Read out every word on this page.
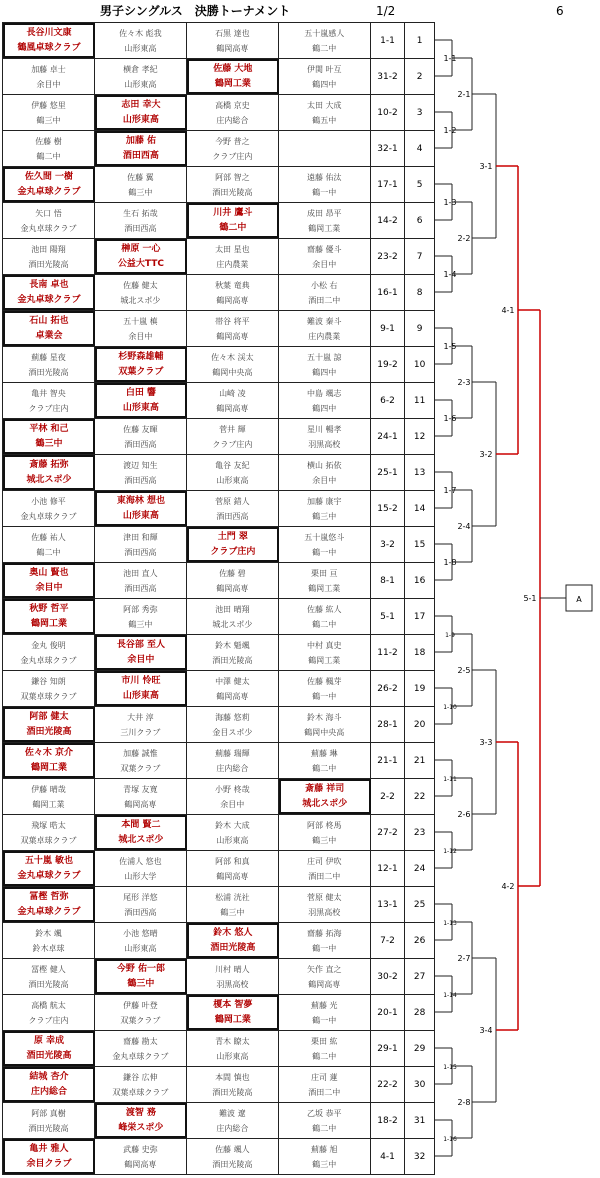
男子シングルス　決勝トーナメント	1/2	6
長谷川文康
鶴風卓球クラブ
佐々木 彪我
山形東高
石黒 達也
鶴岡高専
五十嵐感人
鶴二中
1-1	1
加藤 卓士
余目中
横倉 孝紀
山形東高
佐藤 大地
鶴岡工業
伊関 叶互
鶴四中
31-2	2
伊藤 悠里
鶴三中
志田 幸大
山形東高
高橋 京史
庄内総合
太田 大成
鶴五中
10-2	3
佐藤 樹
鶴二中
加藤 佑
酒田西高
今野 普之
クラブ庄内
32-1	4
佐久間 一樹
金丸卓球クラブ
佐藤 翼
鶴三中
阿部 智之
酒田光陵高
遠藤 佑汰
鶴一中
17-1	5
矢口 悟
金丸卓球クラブ
生石 拓哉
酒田西高
川井 鷹斗
鶴二中
成田 昂平
鶴岡工業
14-2	6
池田 陽翔
酒田光陵高
榊原 一心
公益大TTC
太田 星也
庄内農業
齋藤 優斗
余目中
23-2	7
長南 卓也
金丸卓球クラブ
佐藤 健太
城北スポ少
秋葉 竜典
鶴岡高専
小松 右
酒田二中
16-1	8
石山 拓也
卓業会
五十嵐 槙
余目中
帯谷 将平
鶴岡高専
難波 秦斗
庄内農業
9-1	9
薊藤 星夜
酒田光陵高
杉野森雄輔
双葉クラブ
佐々木 渓太
鶴岡中央高
五十嵐 諒
鶴四中
19-2	10
亀井 智央
クラブ庄内
白田 響
山形東高
山崎 凌
鶴岡高専
中島 颯志
鶴四中
6-2	11
平林 和己
鶴三中
佐藤 友暉
酒田西高
菅井 輝
クラブ庄内
星川 暢孝
羽黒高校
24-1	12
斎藤 拓弥
城北スポ少
渡辺 知生
酒田西高
亀谷 友紀
山形東高
横山 拓依
余目中
25-1	13
小池 修平
金丸卓球クラブ
東海林 想也
山形東高
菅原 錯人
酒田西高
加藤 康宇
鶴三中
15-2	14
佐藤 祐人
鶴二中
津田 和輝
酒田西高
土門 翠
クラブ庄内
五十嵐悠斗
鶴一中
3-2	15
奥山 賢也
余目中
池田 直人
酒田西高
佐藤 碧
鶴岡高専
栗田 亘
鶴岡工業
8-1	16
秋野 哲平
鶴岡工業
阿部 秀弥
鶴三中
池田 晴翔
城北スポ少
佐藤 紘人
鶴二中
5-1	17
金丸 俊明
金丸卓球クラブ
長谷部 至人
余目中
鈴木 魁颯
酒田光陵高
中村 真史
鶴岡工業
11-2	18
鎌谷 知朗
双葉卓球クラブ
市川 怜旺
山形東高
中澤 健太
鶴岡高専
佐藤 楓芽
鶴一中
26-2	19
阿部 健太
酒田光陵高
大井 淳
三川クラブ
海藤 悠莉
金目スポ少
鈴木 海斗
鶴岡中央高
28-1	20
佐々木 京介
鶴岡工業
加藤 誠惟
双葉クラブ
薊藤 瑞輝
庄内総合
薊藤 琳
鶴二中
21-1	21
伊藤 晴哉
鶴岡工業
青塚 友寛
鶴岡高専
小野 柊哉
余目中
斎藤 祥司
城北スポ少
2-2	22
飛塚 晧太
双葉卓球クラブ
本間 賢二
城北スポ少
鈴木 大成
山形東高
阿部 柊馬
鶴三中
27-2	23
五十嵐 敏也
金丸卓球クラブ
佐浦人 悠也
山形大学
阿部 和真
鶴岡高専
庄司 伊吹
酒田二中
12-1	24
冨樫 哲弥
金丸卓球クラブ
尾形 洋悠
酒田西高
松浦 洸社
鶴三中
菅原 健太
羽黒高校
13-1	25
鈴木 颯
鈴木卓球
小池 悠晴
山形東高
鈴木 悠人
酒田光陵高
齋藤 拓海
鶴一中
7-2	26
冨樫 健人
酒田光陵高
今野 佑一郎
鶴三中
川村 晴人
羽黒高校
矢作 直之
鶴岡高専
30-2	27
高橋 航太
クラブ庄内
伊藤 叶登
双葉クラブ
榎本 智夢
鶴岡工業
薊藤 光
鶴一中
20-1	28
原 幸成
酒田光陵高
齋藤 勘太
金丸卓球クラブ
青木 瞭太
山形東高
栗田 紘
鶴二中
29-1	29
結城 杏介
庄内総合
鎌谷 広伸
双葉卓球クラブ
本間 慎也
酒田光陵高
庄司 蓮
酒田二中
22-2	30
阿部 真樹
酒田光陵高
渡智 務
峰栄スポ少
難波 遼
庄内総合
乙坂 恭平
鶴二中
18-2	31
亀井 雅人
余目クラブ
武藤 史弥
鶴岡高専
佐藤 颯人
酒田光陵高
薊藤 旭
鶴三中
4-1	32
1-1
1-2
1-3
1-4
1-5
1-6
1-7
1-8
1-9
1-10
1-11
1-12
1-13
1-14
1-15
1-16
2-1
2-2
2-3
2-4
2-5
2-6
2-7
2-8
3-1
3-2
3-3
3-4
4-1
4-2
5-1	A
